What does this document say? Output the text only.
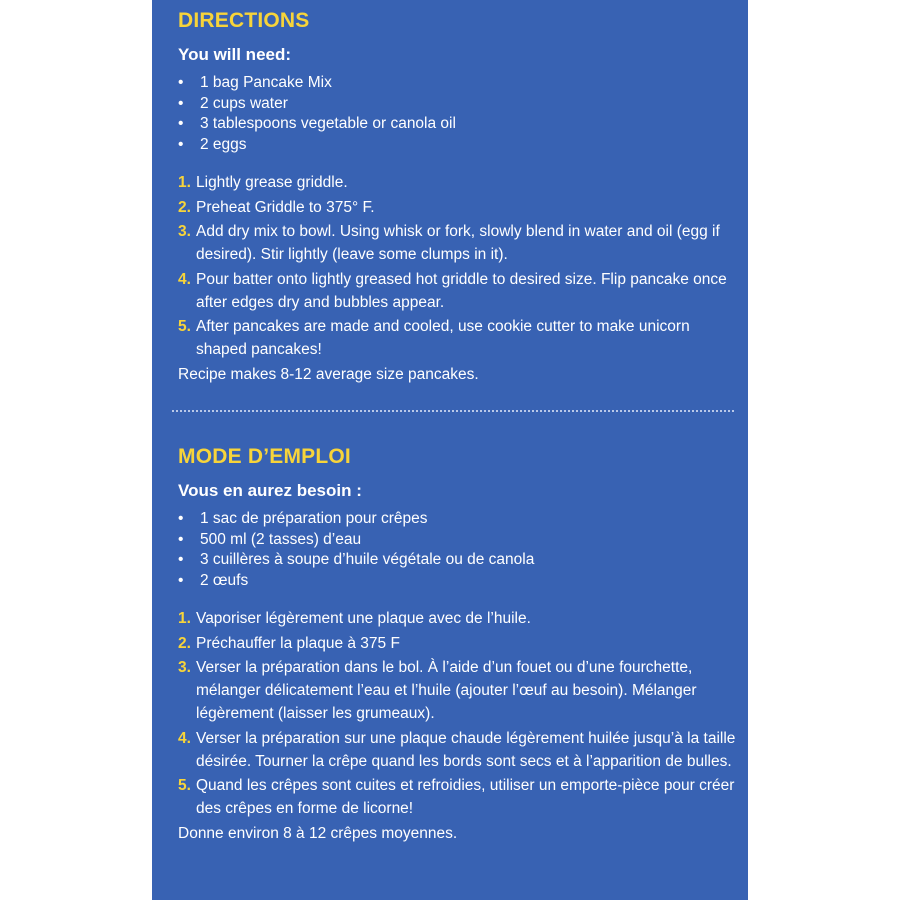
DIRECTIONS
You will need:
• 1 bag Pancake Mix
• 2 cups water
• 3 tablespoons vegetable or canola oil
• 2 eggs
1. Lightly grease griddle.
2. Preheat Griddle to 375° F.
3. Add dry mix to bowl. Using whisk or fork, slowly blend in water and oil (egg if desired). Stir lightly (leave some clumps in it).
4. Pour batter onto lightly greased hot griddle to desired size. Flip pancake once after edges dry and bubbles appear.
5. After pancakes are made and cooled, use cookie cutter to make unicorn shaped pancakes!
Recipe makes 8-12 average size pancakes.
MODE D’EMPLOI
Vous en aurez besoin :
• 1 sac de préparation pour crêpes
• 500 ml (2 tasses) d’eau
• 3 cuillères à soupe d’huile végétale ou de canola
• 2 œufs
1. Vaporiser légèrement une plaque avec de l’huile.
2. Préchauffer la plaque à 375 F
3. Verser la préparation dans le bol. À l’aide d’un fouet ou d’une fourchette, mélanger délicatement l’eau et l’huile (ajouter l’œuf au besoin). Mélanger légèrement (laisser les grumeaux).
4. Verser la préparation sur une plaque chaude légèrement huilée jusqu’à la taille désirée. Tourner la crêpe quand les bords sont secs et à l’apparition de bulles.
5. Quand les crêpes sont cuites et refroidies, utiliser un emporte-pièce pour créer des crêpes en forme de licorne!
Donne environ 8 à 12 crêpes moyennes.
